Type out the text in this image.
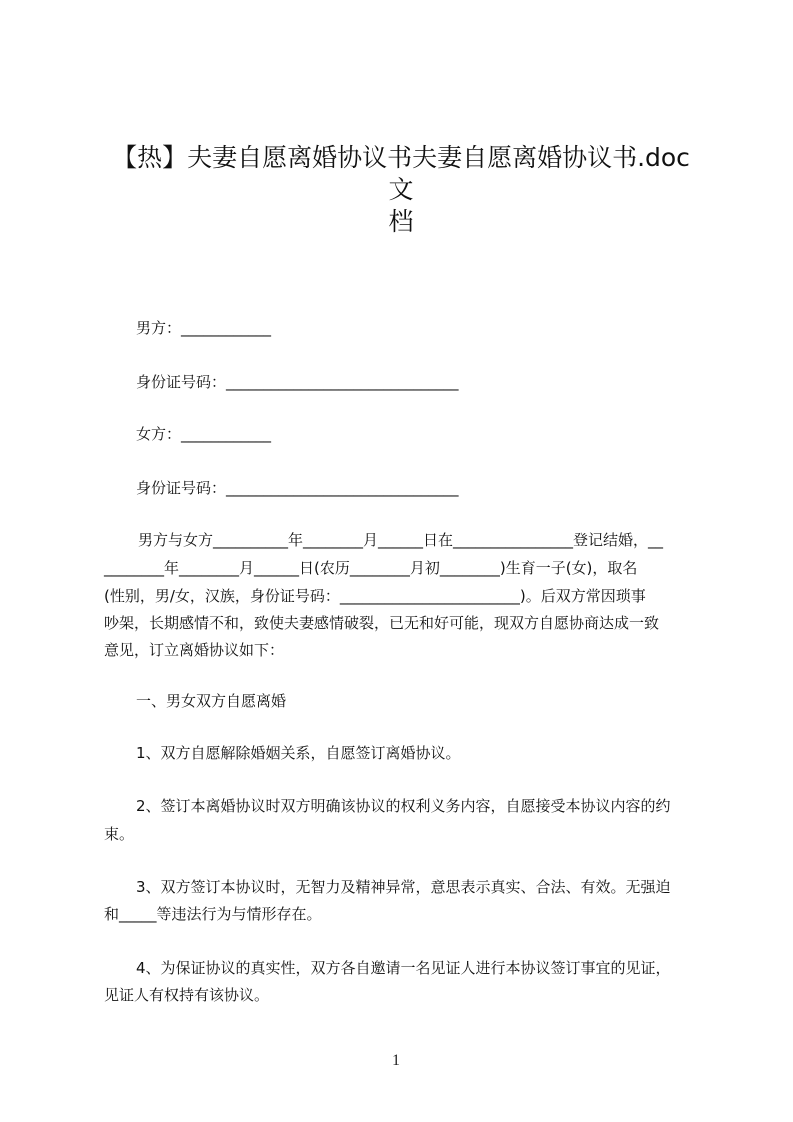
【热】夫妻自愿离婚协议书夫妻自愿离婚协议书.doc 文
档
男方：____________
身份证号码：_______________________________
女方：____________
身份证号码：_______________________________
男方与女方__________年________月______日在________________登记结婚，__
________年________月______日(农历________月初________)生育一子(女)，取名
(性别，男/女，汉族，身份证号码：________________________)。后双方常因琐事
吵架，长期感情不和，致使夫妻感情破裂，已无和好可能，现双方自愿协商达成一致
意见，订立离婚协议如下：
一、男女双方自愿离婚
1、双方自愿解除婚姻关系，自愿签订离婚协议。
2、签订本离婚协议时双方明确该协议的权利义务内容，自愿接受本协议内容的约
束。
3、双方签订本协议时，无智力及精神异常，意思表示真实、合法、有效。无强迫
和_____等违法行为与情形存在。
4、为保证协议的真实性，双方各自邀请一名见证人进行本协议签订事宜的见证，
见证人有权持有该协议。
1
